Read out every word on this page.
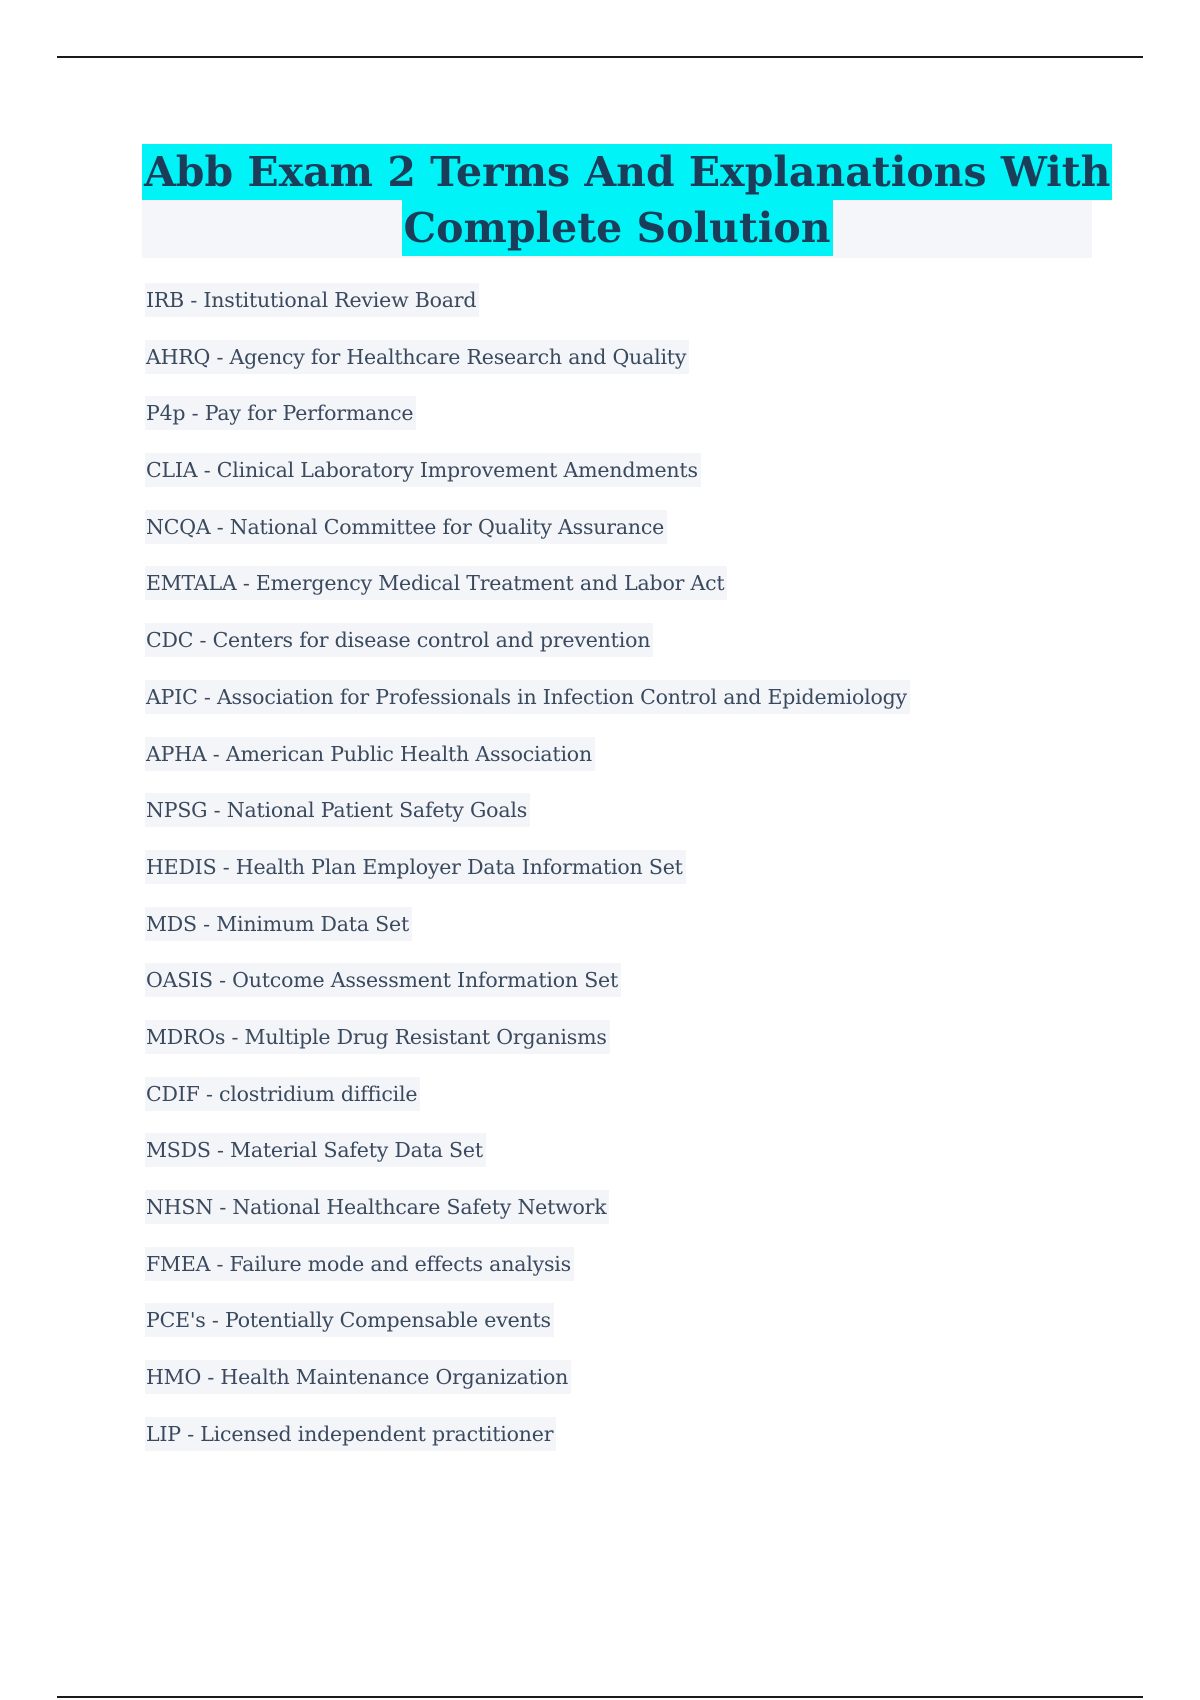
Abb Exam 2 Terms And Explanations With
Complete Solution
IRB - Institutional Review Board
AHRQ - Agency for Healthcare Research and Quality
P4p - Pay for Performance
CLIA - Clinical Laboratory Improvement Amendments
NCQA - National Committee for Quality Assurance
EMTALA - Emergency Medical Treatment and Labor Act
CDC - Centers for disease control and prevention
APIC - Association for Professionals in Infection Control and Epidemiology
APHA - American Public Health Association
NPSG - National Patient Safety Goals
HEDIS - Health Plan Employer Data Information Set
MDS - Minimum Data Set
OASIS - Outcome Assessment Information Set
MDROs - Multiple Drug Resistant Organisms
CDIF - clostridium difficile
MSDS - Material Safety Data Set
NHSN - National Healthcare Safety Network
FMEA - Failure mode and effects analysis
PCE's - Potentially Compensable events
HMO - Health Maintenance Organization
LIP - Licensed independent practitioner
